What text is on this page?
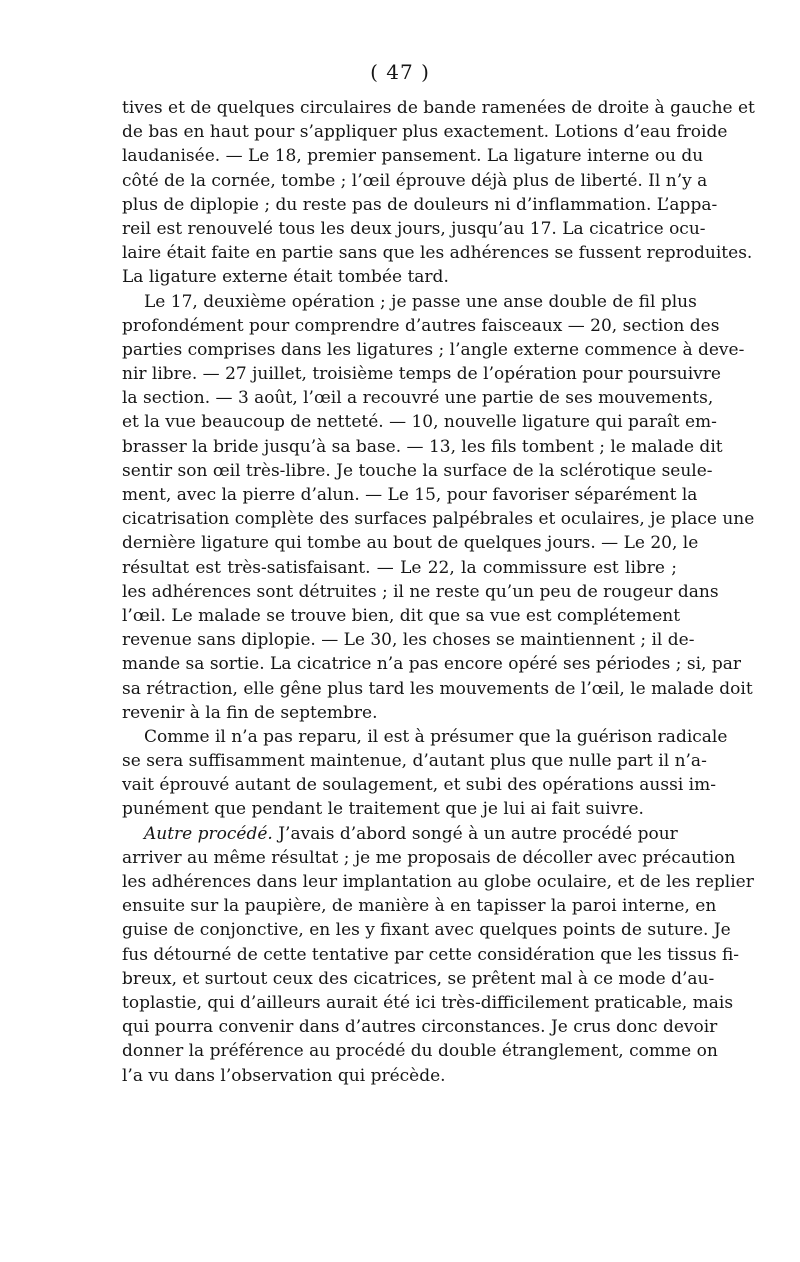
( 47 )
tives et de quelques circulaires de bande ramenées de droite à gauche et
de bas en haut pour s’appliquer plus exactement. Lotions d’eau froide
laudanisée. — Le 18, premier pansement. La ligature interne ou du
côté de la cornée, tombe ; l’œil éprouve déjà plus de liberté. Il n’y a
plus de diplopie ; du reste pas de douleurs ni d’inflammation. L’appa-
reil est renouvelé tous les deux jours, jusqu’au 17. La cicatrice ocu-
laire était faite en partie sans que les adhérences se fussent reproduites.
La ligature externe était tombée tard.
Le 17, deuxième opération ; je passe une anse double de fil plus
profondément pour comprendre d’autres faisceaux — 20, section des
parties comprises dans les ligatures ; l’angle externe commence à deve-
nir libre. — 27 juillet, troisième temps de l’opération pour poursuivre
la section. — 3 août, l’œil a recouvré une partie de ses mouvements,
et la vue beaucoup de netteté. — 10, nouvelle ligature qui paraît em-
brasser la bride jusqu’à sa base. — 13, les fils tombent ; le malade dit
sentir son œil très-libre. Je touche la surface de la sclérotique seule-
ment, avec la pierre d’alun. — Le 15, pour favoriser séparément la
cicatrisation complète des surfaces palpébrales et oculaires, je place une
dernière ligature qui tombe au bout de quelques jours. — Le 20, le
résultat est très-satisfaisant. — Le 22, la commissure est libre ;
les adhérences sont détruites ; il ne reste qu’un peu de rougeur dans
l’œil. Le malade se trouve bien, dit que sa vue est complétement
revenue sans diplopie. — Le 30, les choses se maintiennent ; il de-
mande sa sortie. La cicatrice n’a pas encore opéré ses périodes ; si, par
sa rétraction, elle gêne plus tard les mouvements de l’œil, le malade doit
revenir à la fin de septembre.
Comme il n’a pas reparu, il est à présumer que la guérison radicale
se sera suffisamment maintenue, d’autant plus que nulle part il n’a-
vait éprouvé autant de soulagement, et subi des opérations aussi im-
punément que pendant le traitement que je lui ai fait suivre.
Autre procédé. J’avais d’abord songé à un autre procédé pour
arriver au même résultat ; je me proposais de décoller avec précaution
les adhérences dans leur implantation au globe oculaire, et de les replier
ensuite sur la paupière, de manière à en tapisser la paroi interne, en
guise de conjonctive, en les y fixant avec quelques points de suture. Je
fus détourné de cette tentative par cette considération que les tissus fi-
breux, et surtout ceux des cicatrices, se prêtent mal à ce mode d’au-
toplastie, qui d’ailleurs aurait été ici très-difficilement praticable, mais
qui pourra convenir dans d’autres circonstances. Je crus donc devoir
donner la préférence au procédé du double étranglement, comme on
l’a vu dans l’observation qui précède.
